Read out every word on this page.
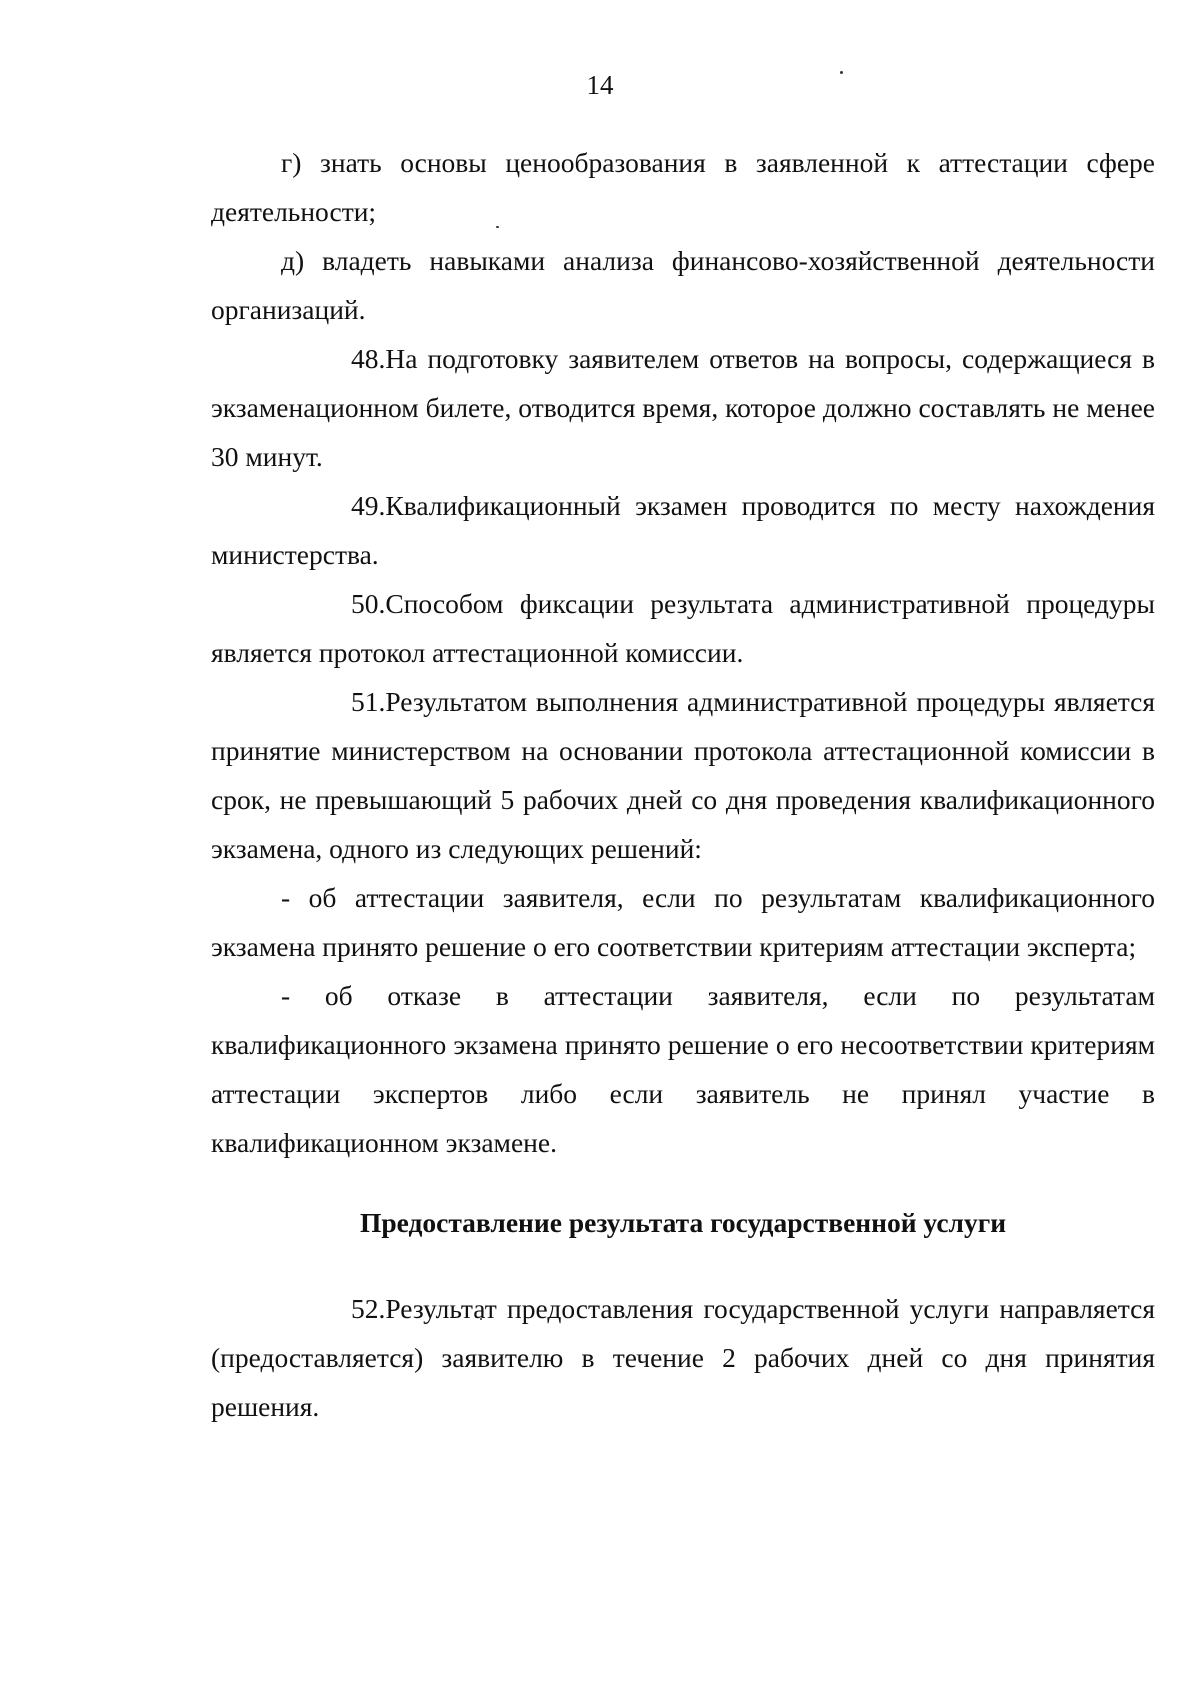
14

г) знать основы ценообразования в заявленной к аттестации сфере деятельности;

д) владеть навыками анализа финансово-хозяйственной деятельности организаций.

48.На подготовку заявителем ответов на вопросы, содержащиеся в экзаменационном билете, отводится время, которое должно составлять не менее 30 минут.

49.Квалификационный экзамен проводится по месту нахождения министерства.

50.Способом фиксации результата административной процедуры является протокол аттестационной комиссии.

51.Результатом выполнения административной процедуры является принятие министерством на основании протокола аттестационной комиссии в срок, не превышающий 5 рабочих дней со дня проведения квалификационного экзамена, одного из следующих решений:

- об аттестации заявителя, если по результатам квалификационного экзамена принято решение о его соответствии критериям аттестации эксперта;

- об отказе в аттестации заявителя, если по результатам квалификационного экзамена принято решение о его несоответствии критериям аттестации экспертов либо если заявитель не принял участие в квалификационном экзамене.

Предоставление результата государственной услуги

52.Результат предоставления государственной услуги направляется (предоставляется) заявителю в течение 2 рабочих дней со дня принятия решения.
